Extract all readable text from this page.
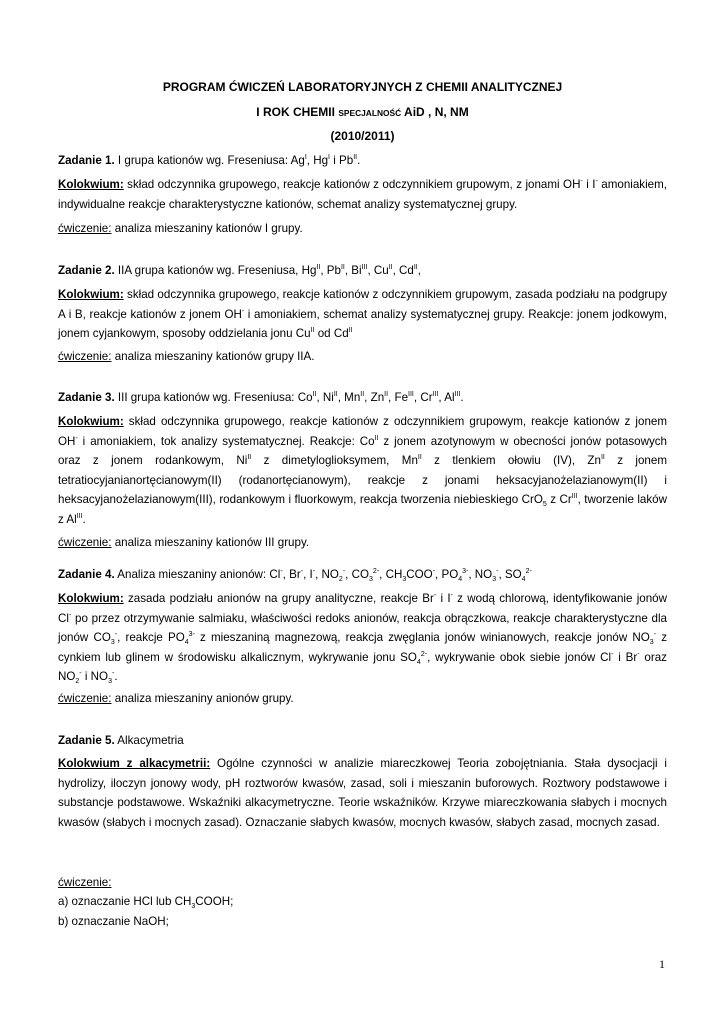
PROGRAM ĆWICZEŃ LABORATORYJNYCH Z CHEMII ANALITYCZNEJ
I ROK CHEMII SPECJALNOŚĆ AiD , N, NM
(2010/2011)
Zadanie 1. I grupa kationów wg. Freseniusa: $Ag^I$, $Hg^I$ i $Pb^{II}$.
Kolokwium: skład odczynnika grupowego, reakcje kationów z odczynnikiem grupowym, z jonami OH- i I- amoniakiem, indywidualne reakcje charakterystyczne kationów, schemat analizy systematycznej grupy.
ćwiczenie: analiza mieszaniny kationów I grupy.
Zadanie 2. IIA grupa kationów wg. Freseniusa, $Hg^{II}$, $Pb^{II}$, $Bi^{III}$, $Cu^{II}$, $Cd^{II}$,
Kolokwium: skład odczynnika grupowego, reakcje kationów z odczynnikiem grupowym, zasada podziału na podgrupy A i B, reakcje kationów z jonem OH- i amoniakiem, schemat analizy systematycznej grupy. Reakcje: jonem jodkowym, jonem cyjankowym, sposoby oddzielania jonu $Cu^{II}$ od $Cd^{II}$
ćwiczenie: analiza mieszaniny kationów grupy IIA.
Zadanie 3. III grupa kationów wg. Freseniusa: $Co^{II}$, $Ni^{II}$, $Mn^{II}$, $Zn^{II}$, $Fe^{III}$, $Cr^{III}$, $Al^{III}$.
Kolokwium: skład odczynnika grupowego, reakcje kationów z odczynnikiem grupowym, reakcje kationów z jonem OH- i amoniakiem, tok analizy systematycznej. Reakcje: $Co^{II}$ z jonem azotynowym w obecności jonów potasowych oraz z jonem rodankowym, $Ni^{II}$ z dimetyloglioksymem, $Mn^{II}$ z tlenkiem ołowiu (IV), $Zn^{II}$ z jonem tetratiocyjanianortęcianowym(II) (rodanortęcianowym), reakcje z jonami heksacyjanożelazianowym(II) i heksacyjanożelazianowym(III), rodankowym i fluorkowym, reakcja tworzenia niebieskiego CrO$_5$ z $Cr^{III}$, tworzenie laków z $Al^{III}$.
ćwiczenie: analiza mieszaniny kationów III grupy.
Zadanie 4. Analiza mieszaniny anionów: Cl-, Br-, I-, $NO_2^-$, $CO_3^{2-}$, $CH_3COO^-$, $PO_4^{3-}$, $NO_3^-$, $SO_4^{2-}$
Kolokwium: zasada podziału anionów na grupy analityczne, reakcje Br- i I- z wodą chlorową, identyfikowanie jonów Cl- po przez otrzymywanie salmiaku, właściwości redoks anionów, reakcja obrączkowa, reakcje charakterystyczne dla jonów $CO_3^-$, reakcje $PO_4^{3-}$ z mieszaniną magnezową, reakcja zwęglania jonów winianowych, reakcje jonów $NO_3^-$ z cynkiem lub glinem w środowisku alkalicznym, wykrywanie jonu $SO_4^{2-}$, wykrywanie obok siebie jonów Cl- i Br- oraz $NO_2^-$ i $NO_3^-$.
ćwiczenie: analiza mieszaniny anionów grupy.
Zadanie 5. Alkacymetria
Kolokwium z alkacymetrii: Ogólne czynności w analizie miareczkowej Teoria zobojętniania. Stała dysocjacji i hydrolizy, iloczyn jonowy wody, pH roztworów kwasów, zasad, soli i mieszanin buforowych. Roztwory podstawowe i substancje podstawowe. Wskaźniki alkacymetryczne. Teorie wskaźników. Krzywe miareczkowania słabych i mocnych kwasów (słabych i mocnych zasad). Oznaczanie słabych kwasów, mocnych kwasów, słabych zasad, mocnych zasad.
ćwiczenie:
a) oznaczanie HCl lub $CH_3COOH$;
b) oznaczanie NaOH;
1
